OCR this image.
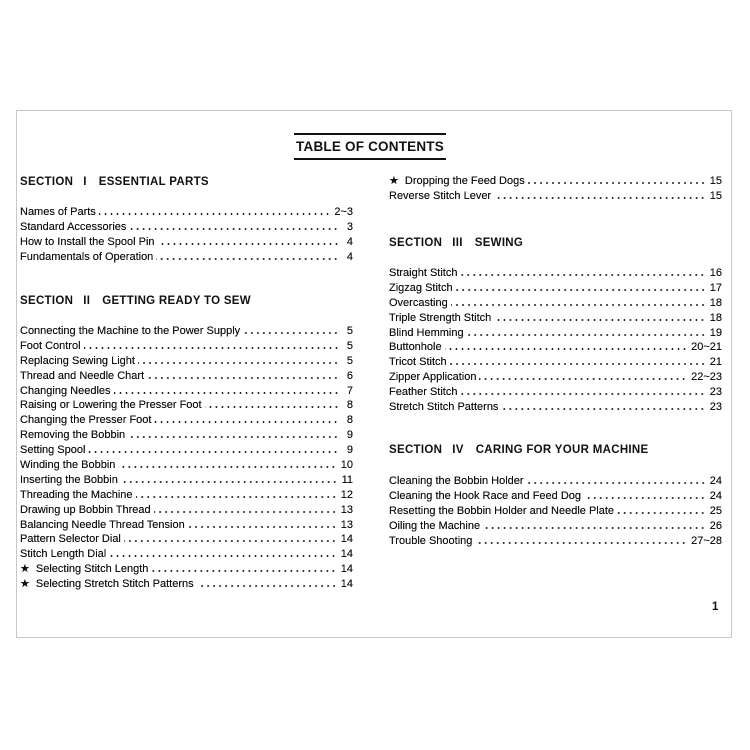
TABLE OF CONTENTS
SECTION I ESSENTIAL PARTS
SECTION II GETTING READY TO SEW
SECTION III SEWING
SECTION IV CARING FOR YOUR MACHINE
Names of Parts	2~3
Standard Accessories	3
How to Install the Spool Pin	4
Fundamentals of Operation	4
Connecting the Machine to the Power Supply	5
Foot Control	5
Replacing Sewing Light	5
Thread and Needle Chart	6
Changing Needles	7
Raising or Lowering the Presser Foot	8
Changing the Presser Foot	8
Removing the Bobbin	9
Setting Spool	9
Winding the Bobbin	10
Inserting the Bobbin	11
Threading the Machine	12
Drawing up Bobbin Thread	13
Balancing Needle Thread Tension	13
Pattern Selector Dial	14
Stitch Length Dial	14
★ Selecting Stitch Length	14
★ Selecting Stretch Stitch Patterns	14
★ Dropping the Feed Dogs	15
Reverse Stitch Lever	15
Straight Stitch	16
Zigzag Stitch	17
Overcasting	18
Triple Strength Stitch	18
Blind Hemming	19
Buttonhole	20~21
Tricot Stitch	21
Zipper Application	22~23
Feather Stitch	23
Stretch Stitch Patterns	23
Cleaning the Bobbin Holder	24
Cleaning the Hook Race and Feed Dog	24
Resetting the Bobbin Holder and Needle Plate	25
Oiling the Machine	26
Trouble Shooting	27~28
1
